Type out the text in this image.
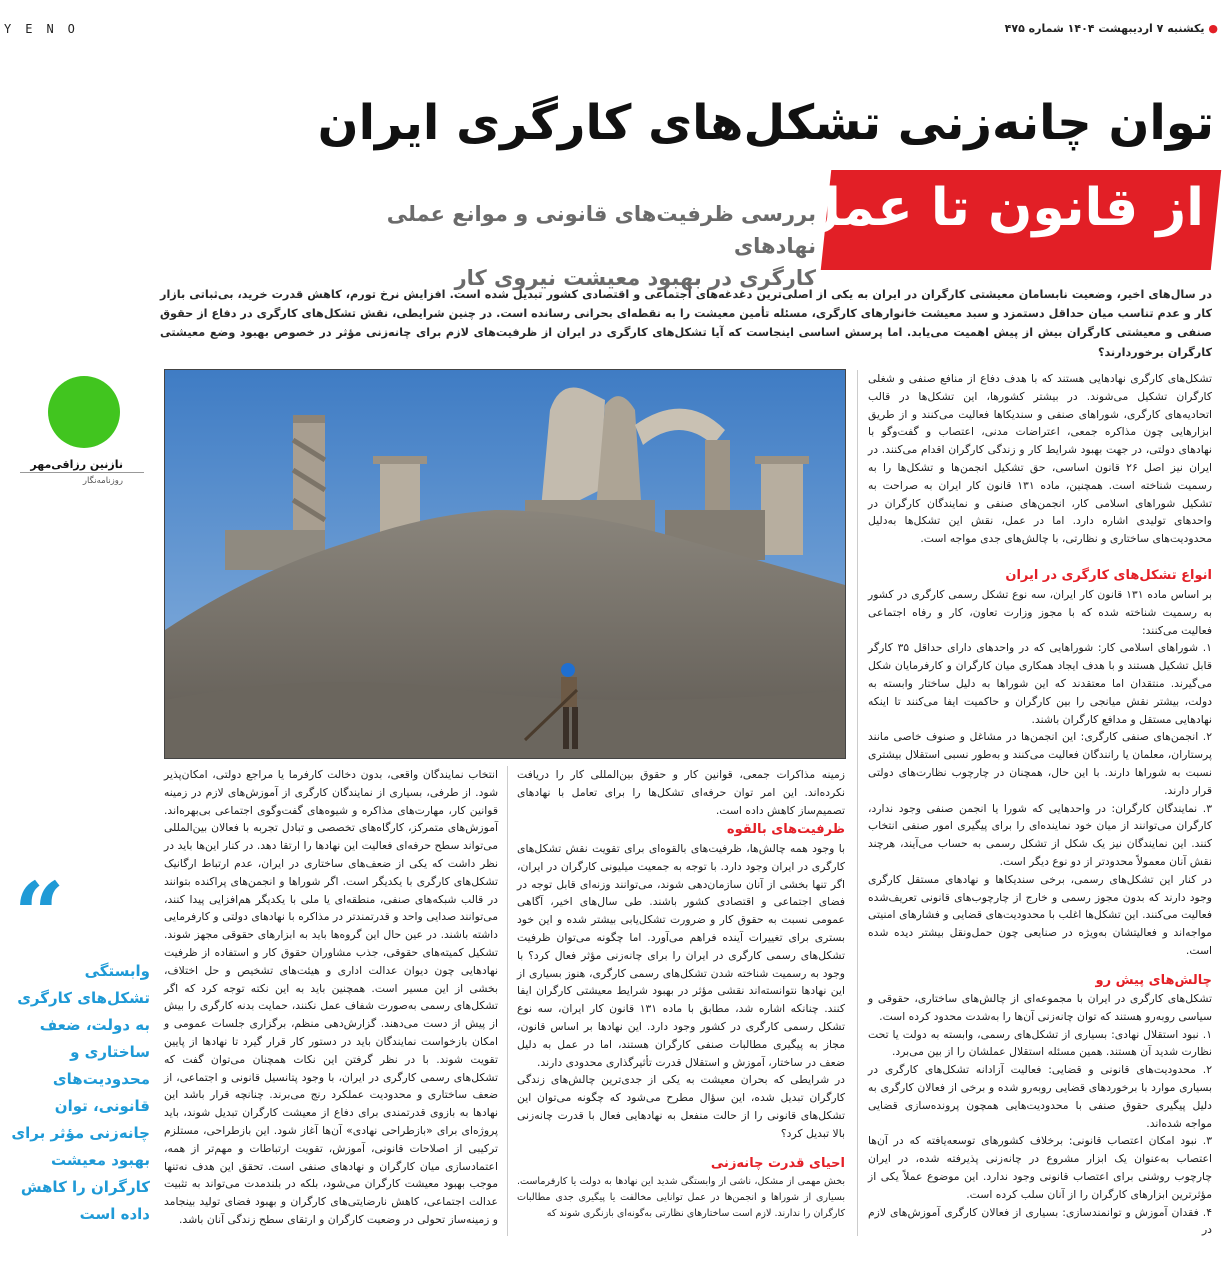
YENO	● یکشنبه ۷ اردیبهشت ۱۴۰۴ شماره ۴۷۵
توان چانه‌زنی تشکل‌های کارگری ایران
از قانون تا عمل
بررسی ظرفیت‌های قانونی و موانع عملی نهادهای
کارگری در بهبود معیشت نیروی کار
در سال‌های اخیر، وضعیت نابسامان معیشتی کارگران در ایران به یکی از اصلی‌ترین دغدغه‌های اجتماعی و اقتصادی کشور تبدیل شده است. افزایش نرخ تورم، کاهش قدرت خرید، بی‌ثباتی بازار کار و عدم تناسب میان حداقل دستمزد و سبد معیشت خانوارهای کارگری، مسئله تأمین معیشت را به نقطه‌ای بحرانی رسانده است. در چنین شرایطی، نقش تشکل‌های کارگری در دفاع از حقوق صنفی و معیشتی کارگران بیش از پیش اهمیت می‌یابد. اما پرسش اساسی اینجاست که آیا تشکل‌های کارگری در ایران از ظرفیت‌های لازم برای چانه‌زنی مؤثر در خصوص بهبود وضع معیشتی کارگران برخوردارند؟
نازنین رزاقی‌مهر
روزنامه‌نگار
“
وابستگی تشکل‌های کارگری به دولت، ضعف ساختاری و محدودیت‌های قانونی، توان چانه‌زنی مؤثر برای بهبود معیشت کارگران را کاهش داده است
تشکل‌های کارگری نهادهایی هستند که با هدف دفاع از منافع صنفی و شغلی کارگران تشکیل می‌شوند. در بیشتر کشورها، این تشکل‌ها در قالب اتحادیه‌های کارگری، شوراهای صنفی و سندیکاها فعالیت می‌کنند و از طریق ابزارهایی چون مذاکره جمعی، اعتراضات مدنی، اعتصاب و گفت‌وگو با نهادهای دولتی، در جهت بهبود شرایط کار و زندگی کارگران اقدام می‌کنند. در ایران نیز اصل ۲۶ قانون اساسی، حق تشکیل انجمن‌ها و تشکل‌ها را به رسمیت شناخته است. همچنین، ماده ۱۳۱ قانون کار ایران به صراحت به تشکیل شوراهای اسلامی کار، انجمن‌های صنفی و نمایندگان کارگران در واحدهای تولیدی اشاره دارد. اما در عمل، نقش این تشکل‌ها به‌دلیل محدودیت‌های ساختاری و نظارتی، با چالش‌های جدی مواجه است.
انواع تشکل‌های کارگری در ایران
بر اساس ماده ۱۳۱ قانون کار ایران، سه نوع تشکل رسمی کارگری در کشور به رسمیت شناخته شده که با مجوز وزارت تعاون، کار و رفاه اجتماعی فعالیت می‌کنند:
۱. شوراهای اسلامی کار: شوراهایی که در واحدهای دارای حداقل ۳۵ کارگر قابل تشکیل هستند و با هدف ایجاد همکاری میان کارگران و کارفرمایان شکل می‌گیرند. منتقدان اما معتقدند که این شوراها به دلیل ساختار وابسته به دولت، بیشتر نقش میانجی را بین کارگران و حاکمیت ایفا می‌کنند تا اینکه نهادهایی مستقل و مدافع کارگران باشند.
۲. انجمن‌های صنفی کارگری: این انجمن‌ها در مشاغل و صنوف خاصی مانند پرستاران، معلمان یا رانندگان فعالیت می‌کنند و به‌طور نسبی استقلال بیشتری نسبت به شوراها دارند. با این حال، همچنان در چارچوب نظارت‌های دولتی قرار دارند.
۳. نمایندگان کارگران: در واحدهایی که شورا یا انجمن صنفی وجود ندارد، کارگران می‌توانند از میان خود نماینده‌ای را برای پیگیری امور صنفی انتخاب کنند. این نمایندگان نیز یک شکل از تشکل رسمی به حساب می‌آیند، هرچند نقش آنان معمولاً محدودتر از دو نوع دیگر است.
در کنار این تشکل‌های رسمی، برخی سندیکاها و نهادهای مستقل کارگری وجود دارند که بدون مجوز رسمی و خارج از چارچوب‌های قانونی تعریف‌شده فعالیت می‌کنند. این تشکل‌ها اغلب با محدودیت‌های قضایی و فشارهای امنیتی مواجه‌اند و فعالیتشان به‌ویژه در صنایعی چون حمل‌ونقل بیشتر دیده شده است.
چالش‌های پیش رو
تشکل‌های کارگری در ایران با مجموعه‌ای از چالش‌های ساختاری، حقوقی و سیاسی روبه‌رو هستند که توان چانه‌زنی آن‌ها را به‌شدت محدود کرده است.
۱. نبود استقلال نهادی: بسیاری از تشکل‌های رسمی، وابسته به دولت یا تحت نظارت شدید آن هستند. همین مسئله استقلال عملشان را از بین می‌برد.
۲. محدودیت‌های قانونی و قضایی: فعالیت آزادانه تشکل‌های کارگری در بسیاری موارد با برخوردهای قضایی روبه‌رو شده و برخی از فعالان کارگری به دلیل پیگیری حقوق صنفی با محدودیت‌هایی همچون پرونده‌سازی قضایی مواجه شده‌اند.
۳. نبود امکان اعتصاب قانونی: برخلاف کشورهای توسعه‌یافته که در آن‌ها اعتصاب به‌عنوان یک ابزار مشروع در چانه‌زنی پذیرفته شده، در ایران چارچوب روشنی برای اعتصاب قانونی وجود ندارد. این موضوع عملاً یکی از مؤثرترین ابزارهای کارگران را از آنان سلب کرده است.
۴. فقدان آموزش و توانمندسازی: بسیاری از فعالان کارگری آموزش‌های لازم در
زمینه مذاکرات جمعی، قوانین کار و حقوق بین‌المللی کار را دریافت نکرده‌اند. این امر توان حرفه‌ای تشکل‌ها را برای تعامل با نهادهای تصمیم‌ساز کاهش داده است.
ظرفیت‌های بالقوه
با وجود همه چالش‌ها، ظرفیت‌های بالقوه‌ای برای تقویت نقش تشکل‌های کارگری در ایران وجود دارد. با توجه به جمعیت میلیونی کارگران در ایران، اگر تنها بخشی از آنان سازمان‌دهی شوند، می‌توانند وزنه‌ای قابل توجه در فضای اجتماعی و اقتصادی کشور باشند. طی سال‌های اخیر، آگاهی عمومی نسبت به حقوق کار و ضرورت تشکل‌یابی بیشتر شده و این خود بستری برای تغییرات آینده فراهم می‌آورد. اما چگونه می‌توان ظرفیت تشکل‌های رسمی کارگری در ایران را برای چانه‌زنی مؤثر فعال کرد؟ با وجود به رسمیت شناخته شدن تشکل‌های رسمی کارگری، هنوز بسیاری از این نهادها نتوانسته‌اند نقشی مؤثر در بهبود شرایط معیشتی کارگران ایفا کنند. چنانکه اشاره شد، مطابق با ماده ۱۳۱ قانون کار ایران، سه نوع تشکل رسمی کارگری در کشور وجود دارد. این نهادها بر اساس قانون، مجاز به پیگیری مطالبات صنفی کارگران هستند، اما در عمل به دلیل ضعف در ساختار، آموزش و استقلال قدرت تأثیرگذاری محدودی دارند.
در شرایطی که بحران معیشت به یکی از جدی‌ترین چالش‌های زندگی کارگران تبدیل شده، این سؤال مطرح می‌شود که چگونه می‌توان این تشکل‌های قانونی را از حالت منفعل به نهادهایی فعال با قدرت چانه‌زنی بالا تبدیل کرد؟
احیای قدرت چانه‌زنی
بخش مهمی از مشکل، ناشی از وابستگی شدید این نهادها به دولت یا کارفرماست. بسیاری از شوراها و انجمن‌ها در عمل توانایی مخالفت یا پیگیری جدی مطالبات کارگران را ندارند. لازم است ساختارهای نظارتی به‌گونه‌ای بازنگری شوند که
انتخاب نمایندگان واقعی، بدون دخالت کارفرما یا مراجع دولتی، امکان‌پذیر شود. از طرفی، بسیاری از نمایندگان کارگری از آموزش‌های لازم در زمینه قوانین کار، مهارت‌های مذاکره و شیوه‌های گفت‌وگوی اجتماعی بی‌بهره‌اند. آموزش‌های متمرکز، کارگاه‌های تخصصی و تبادل تجربه با فعالان بین‌المللی می‌تواند سطح حرفه‌ای فعالیت این نهادها را ارتقا دهد. در کنار این‌ها باید در نظر داشت که یکی از ضعف‌های ساختاری در ایران، عدم ارتباط ارگانیک تشکل‌های کارگری با یکدیگر است. اگر شوراها و انجمن‌های پراکنده بتوانند در قالب شبکه‌های صنفی، منطقه‌ای یا ملی با یکدیگر هم‌افزایی پیدا کنند، می‌توانند صدایی واحد و قدرتمندتر در مذاکره با نهادهای دولتی و کارفرمایی داشته باشند. در عین حال این گروه‌ها باید به ابزارهای حقوقی مجهز شوند. تشکیل کمیته‌های حقوقی، جذب مشاوران حقوق کار و استفاده از ظرفیت نهادهایی چون دیوان عدالت اداری و هیئت‌های تشخیص و حل اختلاف، بخشی از این مسیر است. همچنین باید به این نکته توجه کرد که اگر تشکل‌های رسمی به‌صورت شفاف عمل نکنند، حمایت بدنه کارگری را بیش از پیش از دست می‌دهند. گزارش‌دهی منظم، برگزاری جلسات عمومی و امکان بازخواست نمایندگان باید در دستور کار قرار گیرد تا نهادها از پایین تقویت شوند. با در نظر گرفتن این نکات همچنان می‌توان گفت که تشکل‌های رسمی کارگری در ایران، با وجود پتانسیل قانونی و اجتماعی، از ضعف ساختاری و محدودیت عملکرد رنج می‌برند. چنانچه قرار باشد این نهادها به بازوی قدرتمندی برای دفاع از معیشت کارگران تبدیل شوند، باید پروژه‌ای برای «بازطراحی نهادی» آن‌ها آغاز شود. این بازطراحی، مستلزم ترکیبی از اصلاحات قانونی، آموزش، تقویت ارتباطات و مهم‌تر از همه، اعتمادسازی میان کارگران و نهادهای صنفی است. تحقق این هدف نه‌تنها موجب بهبود معیشت کارگران می‌شود، بلکه در بلندمدت می‌تواند به تثبیت عدالت اجتماعی، کاهش نارضایتی‌های کارگران و بهبود فضای تولید بینجامد و زمینه‌ساز تحولی در وضعیت کارگران و ارتقای سطح زندگی آنان باشد.
